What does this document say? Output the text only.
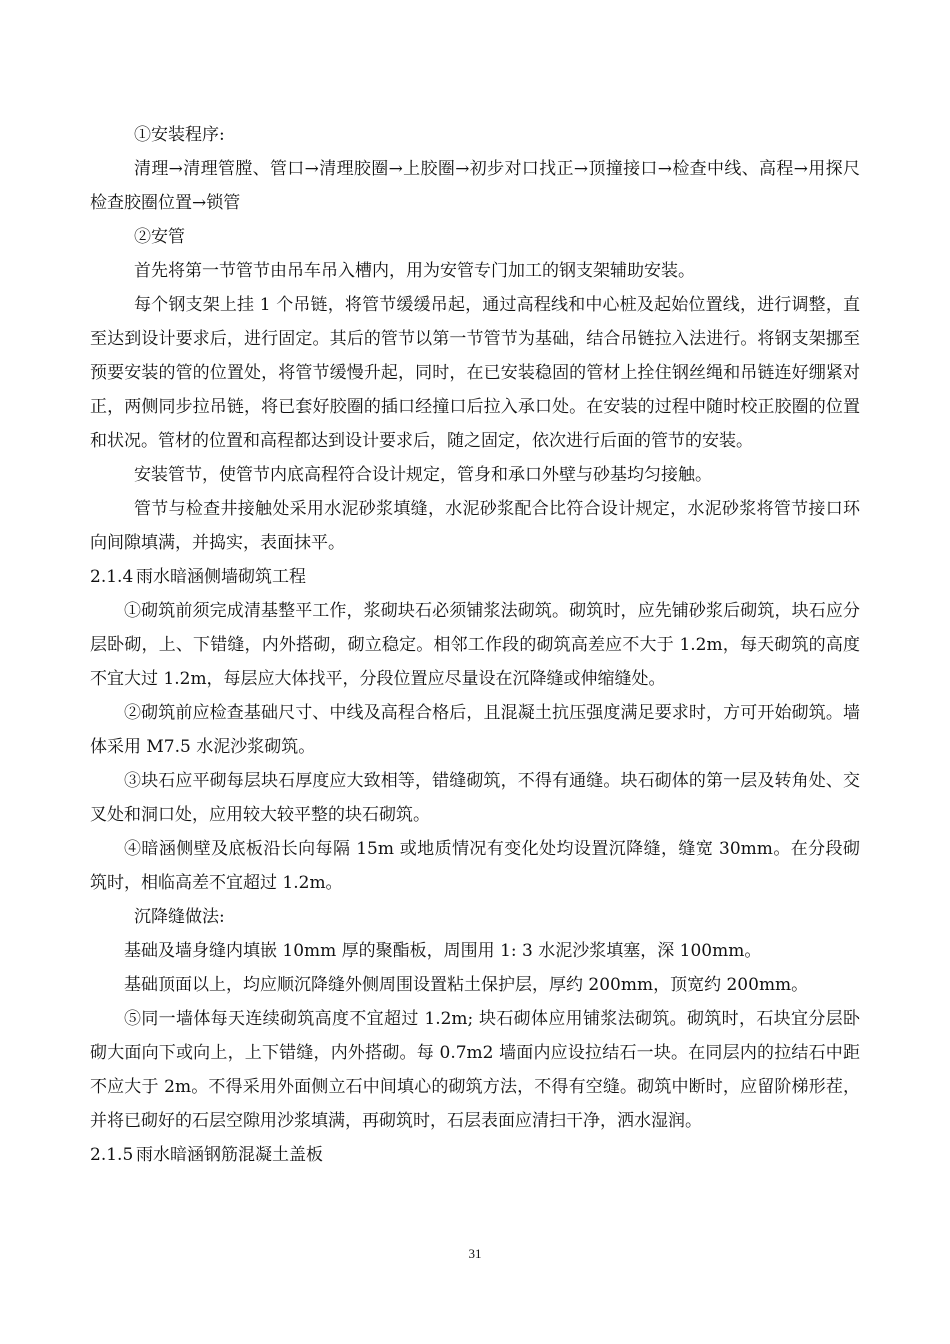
①安装程序:

清理→清理管膛、管口→清理胶圈→上胶圈→初步对口找正→顶撞接口→检查中线、高程→用探尺检查胶圈位置→锁管

②安管

首先将第一节管节由吊车吊入槽内，用为安管专门加工的钢支架辅助安装。

每个钢支架上挂 1 个吊链，将管节缓缓吊起，通过高程线和中心桩及起始位置线，进行调整，直至达到设计要求后，进行固定。其后的管节以第一节管节为基础，结合吊链拉入法进行。将钢支架挪至预要安装的管的位置处，将管节缓慢升起，同时，在已安装稳固的管材上拴住钢丝绳和吊链连好绷紧对正，两侧同步拉吊链，将已套好胶圈的插口经撞口后拉入承口处。在安装的过程中随时校正胶圈的位置和状况。管材的位置和高程都达到设计要求后，随之固定，依次进行后面的管节的安装。

安装管节，使管节内底高程符合设计规定，管身和承口外壁与砂基均匀接触。

管节与检查井接触处采用水泥砂浆填缝，水泥砂浆配合比符合设计规定，水泥砂浆将管节接口环向间隙填满，并捣实，表面抹平。

2.1.4 雨水暗涵侧墙砌筑工程

①砌筑前须完成清基整平工作，浆砌块石必须铺浆法砌筑。砌筑时，应先铺砂浆后砌筑，块石应分层卧砌，上、下错缝，内外搭砌，砌立稳定。相邻工作段的砌筑高差应不大于 1.2m，每天砌筑的高度不宜大过 1.2m，每层应大体找平，分段位置应尽量设在沉降缝或伸缩缝处。

②砌筑前应检查基础尺寸、中线及高程合格后，且混凝土抗压强度满足要求时，方可开始砌筑。墙体采用 M7.5 水泥沙浆砌筑。

③块石应平砌每层块石厚度应大致相等，错缝砌筑，不得有通缝。块石砌体的第一层及转角处、交叉处和洞口处，应用较大较平整的块石砌筑。

④暗涵侧壁及底板沿长向每隔 15m 或地质情况有变化处均设置沉降缝，缝宽 30mm。在分段砌筑时，相临高差不宜超过 1.2m。

沉降缝做法:

基础及墙身缝内填嵌 10mm 厚的聚酯板，周围用 1: 3 水泥沙浆填塞，深 100mm。

基础顶面以上，均应顺沉降缝外侧周围设置粘土保护层，厚约 200mm，顶宽约 200mm。

⑤同一墙体每天连续砌筑高度不宜超过 1.2m; 块石砌体应用铺浆法砌筑。砌筑时，石块宜分层卧砌大面向下或向上，上下错缝，内外搭砌。每 0.7m2 墙面内应设拉结石一块。在同层内的拉结石中距不应大于 2m。不得采用外面侧立石中间填心的砌筑方法，不得有空缝。砌筑中断时，应留阶梯形茬，并将已砌好的石层空隙用沙浆填满，再砌筑时，石层表面应清扫干净，洒水湿润。

2.1.5 雨水暗涵钢筋混凝土盖板

31
